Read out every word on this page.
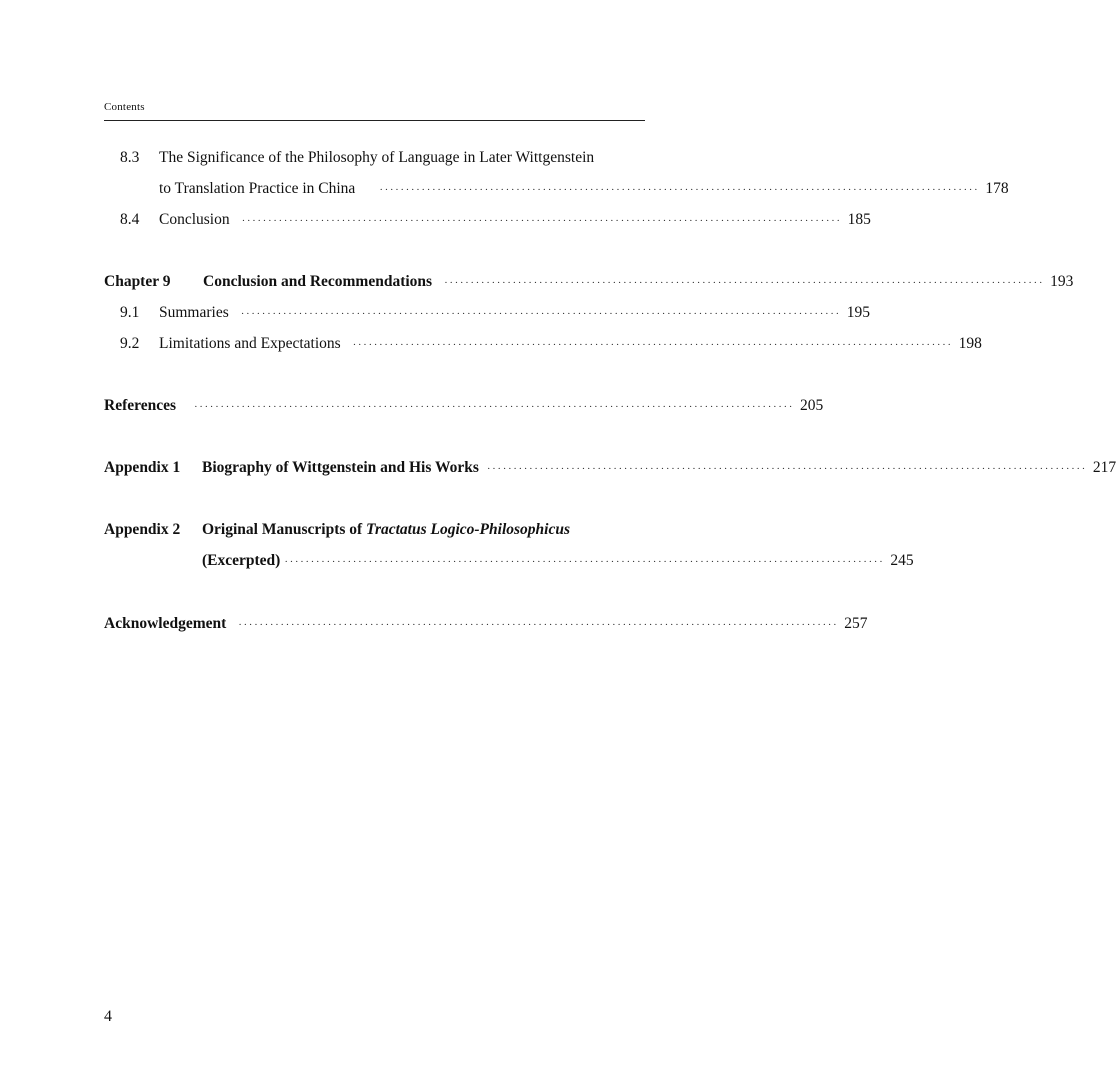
Contents
8.3 The Significance of the Philosophy of Language in Later Wittgenstein
to Translation Practice in China ·················································································································· 178
8.4 Conclusion ·················································································································· 185
Chapter 9 Conclusion and Recommendations ·················································································································· 193
9.1 Summaries ·················································································································· 195
9.2 Limitations and Expectations ·················································································································· 198
References ·················································································································· 205
Appendix 1 Biography of Wittgenstein and His Works ·················································································································· 217
Appendix 2 Original Manuscripts of Tractatus Logico-Philosophicus
(Excerpted) ·················································································································· 245
Acknowledgement ·················································································································· 257
4
